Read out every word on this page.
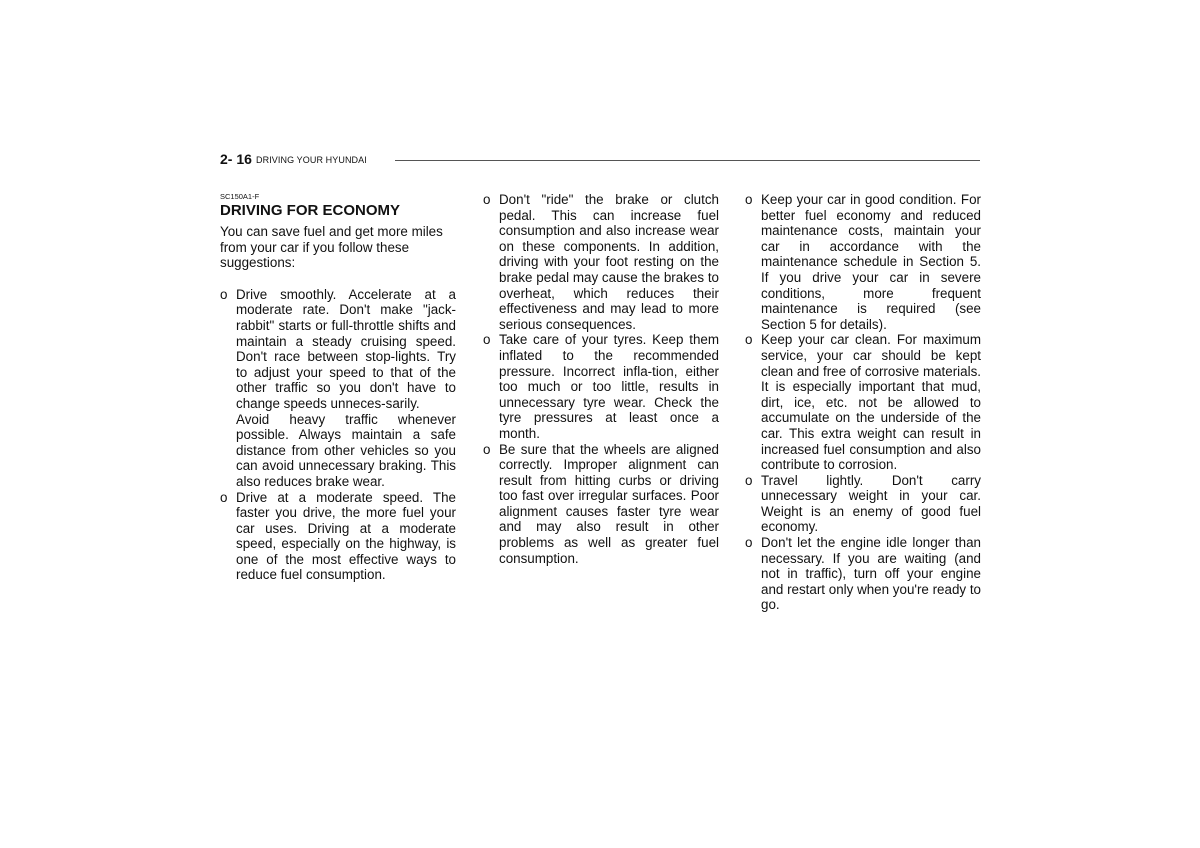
2- 16 DRIVING YOUR HYUNDAI
SC150A1-F
DRIVING FOR ECONOMY

You can save fuel and get more miles from your car if you follow these suggestions:

o Drive smoothly. Accelerate at a moderate rate. Don't make "jack-rabbit" starts or full-throttle shifts and maintain a steady cruising speed. Don't race between stop-lights. Try to adjust your speed to that of the other traffic so you don't have to change speeds unneces-sarily.

Avoid heavy traffic whenever possible. Always maintain a safe distance from other vehicles so you can avoid unnecessary braking. This also reduces brake wear.

o Drive at a moderate speed. The faster you drive, the more fuel your car uses. Driving at a moderate speed, especially on the highway, is one of the most effective ways to reduce fuel consumption.

o Don't "ride" the brake or clutch pedal. This can increase fuel consumption and also increase wear on these components. In addition, driving with your foot resting on the brake pedal may cause the brakes to overheat, which reduces their effectiveness and may lead to more serious consequences.

o Take care of your tyres. Keep them inflated to the recommended pressure. Incorrect infla-tion, either too much or too little, results in unnecessary tyre wear. Check the tyre pressures at least once a month.

o Be sure that the wheels are aligned correctly. Improper alignment can result from hitting curbs or driving too fast over irregular surfaces. Poor alignment causes faster tyre wear and may also result in other problems as well as greater fuel consumption.

o Keep your car in good condition. For better fuel economy and reduced maintenance costs, maintain your car in accordance with the maintenance schedule in Section 5. If you drive your car in severe conditions, more frequent maintenance is required (see Section 5 for details).

o Keep your car clean. For maximum service, your car should be kept clean and free of corrosive materials. It is especially important that mud, dirt, ice, etc. not be allowed to accumulate on the underside of the car. This extra weight can result in increased fuel consumption and also contribute to corrosion.

o Travel lightly. Don't carry unnecessary weight in your car. Weight is an enemy of good fuel economy.

o Don't let the engine idle longer than necessary. If you are waiting (and not in traffic), turn off your engine and restart only when you're ready to go.
